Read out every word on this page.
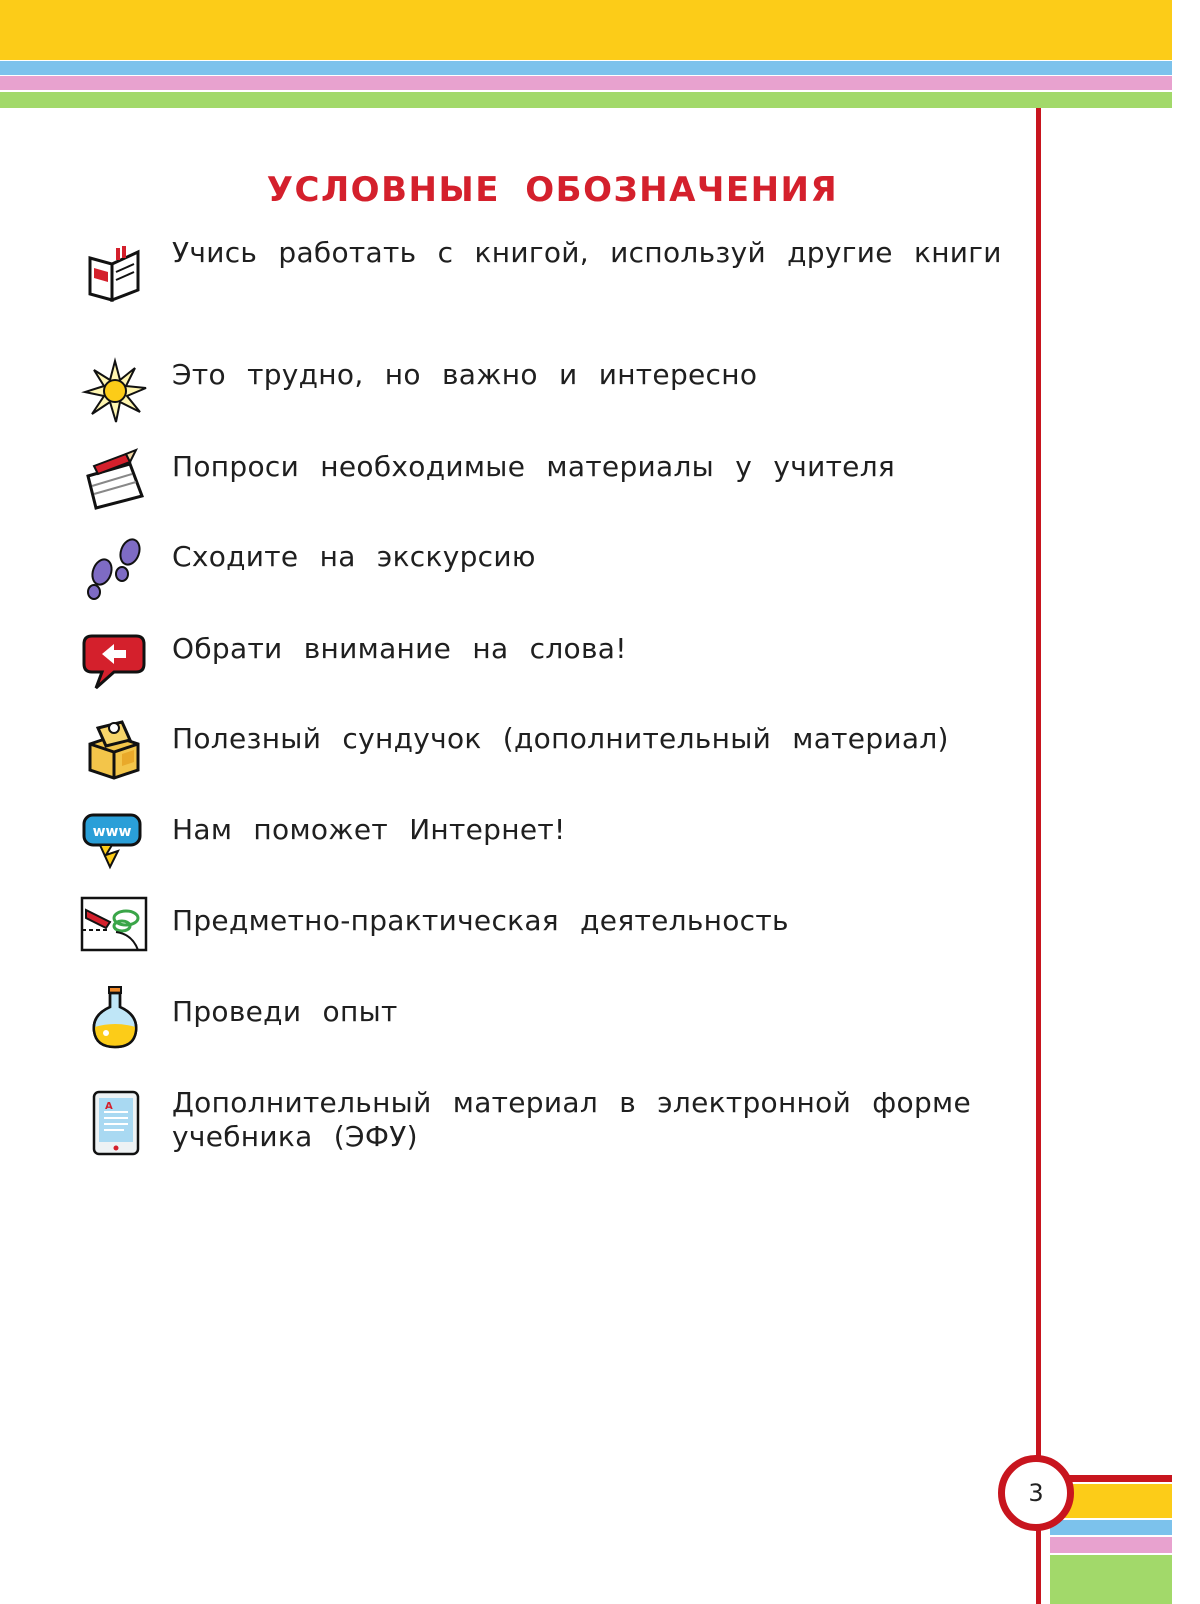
УСЛОВНЫЕ ОБОЗНАЧЕНИЯ
Учись работать с книгой, используй другие книги
Это трудно, но важно и интересно
Попроси необходимые материалы у учителя
Сходите на экскурсию
Обрати внимание на слова!
Полезный сундучок (дополнительный материал)
www Нам поможет Интернет!
Предметно-практическая деятельность
Проведи опыт
A Дополнительный материал в электронной форме учебника (ЭФУ)
3
